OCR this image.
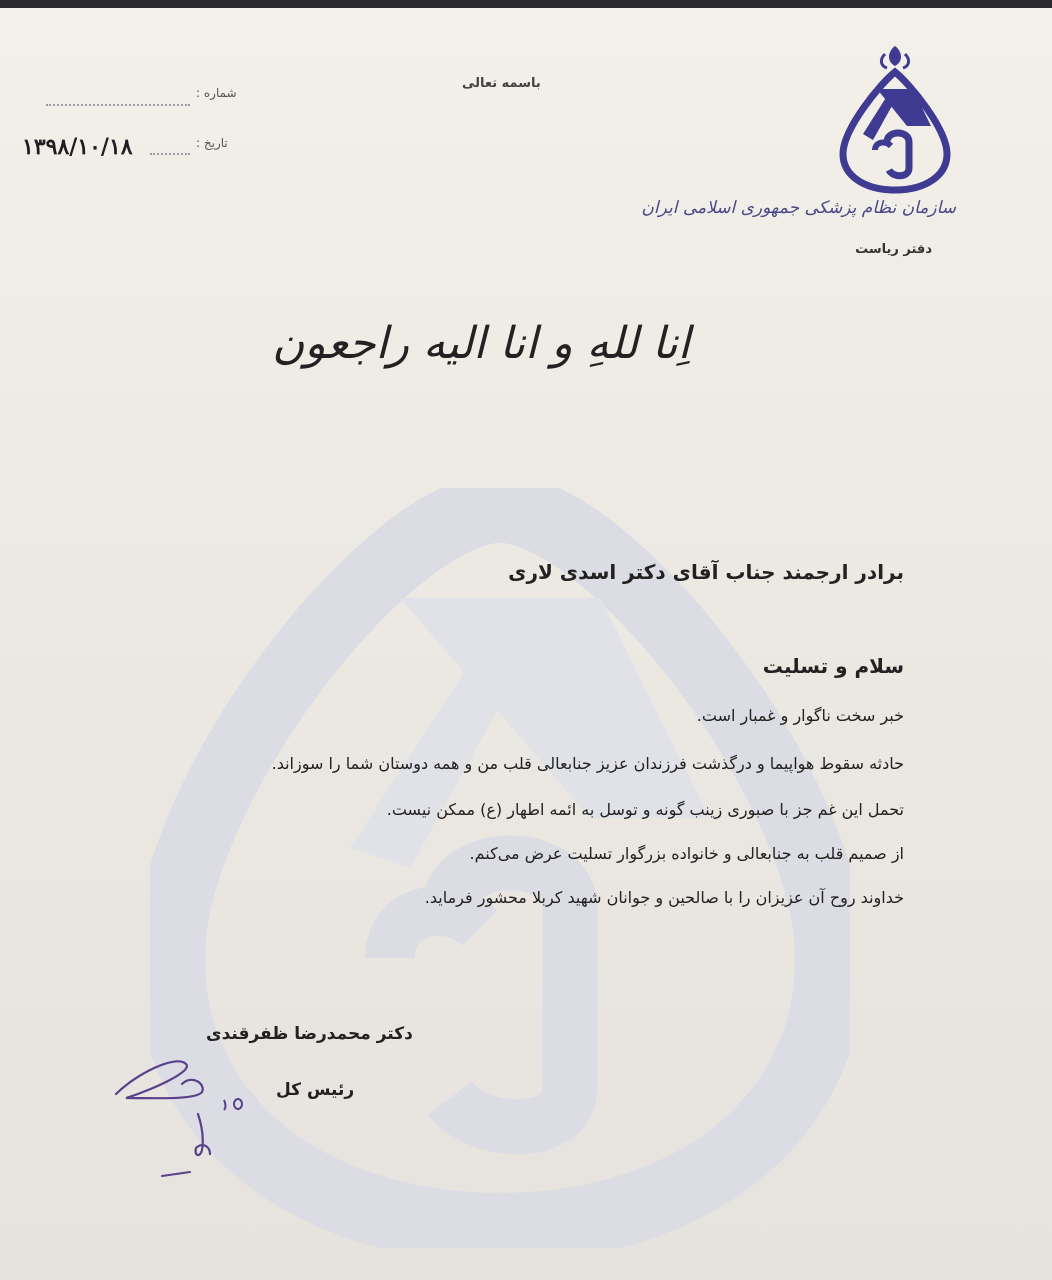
باسمه تعالی
شماره :
تاریخ :
۱۳۹۸/۱۰/۱۸
سازمان نظام پزشکی جمهوری اسلامی ایران
دفتر ریاست
اِنا للهِ و انا الیه راجعون
برادر ارجمند جناب آقای دکتر اسدی لاری
سلام و تسلیت
خبر سخت ناگوار و غمبار است.
حادثه سقوط هواپیما و درگذشت فرزندان عزیز جنابعالی قلب من و همه دوستان شما را سوزاند.
تحمل این غم جز با صبوری زینب گونه و توسل به ائمه اطهار (ع) ممکن نیست.
از صمیم قلب به جنابعالی و خانواده بزرگوار تسلیت عرض می‌کنم.
خداوند روح آن عزیزان را با صالحین و جوانان شهید کربلا محشور فرماید.
دکتر محمدرضا ظفرقندی
رئیس کل
